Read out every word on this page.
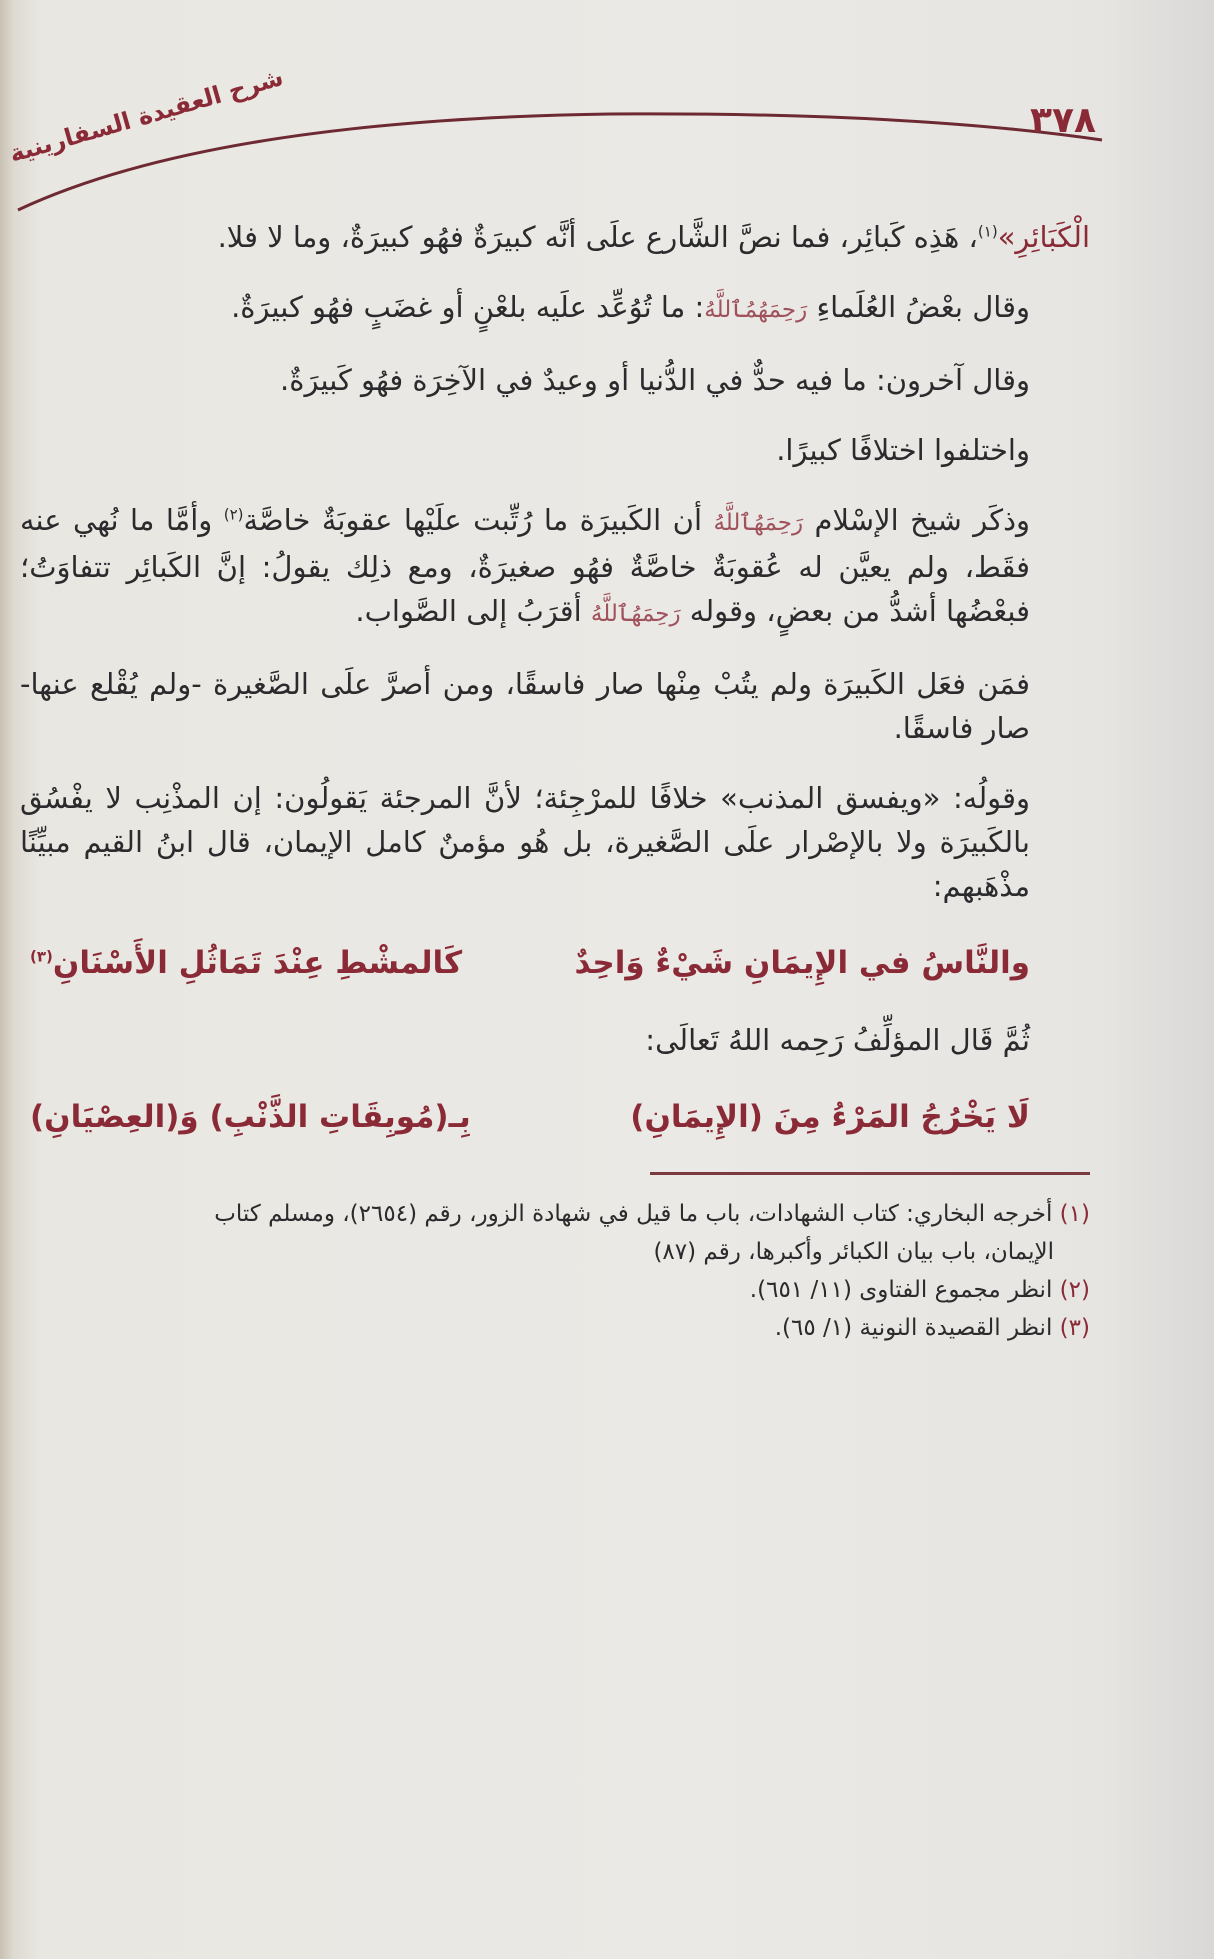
٣٧٨
شرح العقيدة السفارينية
الْكَبَائِرِ»$^{(١)}$، هَذِه كَبائِر، فما نصَّ الشَّارع علَى أنَّه كبيرَةٌ فهُو كبيرَةٌ، وما لا فلا.
وقال بعْضُ العُلَماءِ رَحِمَهُمُٱللَّهُ: ما تُوُعِّد علَيه بلعْنٍ أو غضَبٍ فهُو كبيرَةٌ.
وقال آخرون: ما فيه حدٌّ في الدُّنيا أو وعيدٌ في الآخِرَة فهُو كَبيرَةٌ.
واختلفوا اختلافًا كبيرًا.
وذكَر شيخ الإسْلام رَحِمَهُٱللَّهُ أن الكَبيرَة ما رُتِّبت علَيْها عقوبَةٌ خاصَّة$^{(٢)}$ وأمَّا ما نُهي عنه فقَط، ولم يعيَّن له عُقوبَةٌ خاصَّةٌ فهُو صغيرَةٌ، ومع ذلِك يقولُ: إنَّ الكَبائِر تتفاوَتُ؛ فبعْضُها أشدُّ من بعضٍ، وقوله رَحِمَهُٱللَّهُ أقرَبُ إلى الصَّواب.
فمَن فعَل الكَبيرَة ولم يتُبْ مِنْها صار فاسقًا، ومن أصرَّ علَى الصَّغيرة -ولم يُقْلع عنها- صار فاسقًا.
وقولُه: «ويفسق المذنب» خلافًا للمرْجِئة؛ لأنَّ المرجئة يَقولُون: إن المذْنِب لا يفْسُق بالكَبيرَة ولا بالإصْرار علَى الصَّغيرة، بل هُو مؤمنٌ كامل الإيمان، قال ابنُ القيم مبيِّنًا مذْهَبهم:
والنَّاسُ في الإِيمَانِ شَيْءٌ وَاحِدٌ
كَالمشْطِ عِنْدَ تَمَاثُلِ الأَسْنَانِ$^{(٣)}$
ثُمَّ قَال المؤلِّفُ رَحِمه اللهُ تَعالَى:
لَا يَخْرُجُ المَرْءُ مِنَ (الإِيمَانِ)
بِـ(مُوبِقَاتِ الذَّنْبِ) وَ(العِصْيَانِ)
(١) أخرجه البخاري: كتاب الشهادات، باب ما قيل في شهادة الزور، رقم (٢٦٥٤)، ومسلم كتاب
الإيمان، باب بيان الكبائر وأكبرها، رقم (٨٧)
(٢) انظر مجموع الفتاوى (١١/ ٦٥١).
(٣) انظر القصيدة النونية (١/ ٦٥).
